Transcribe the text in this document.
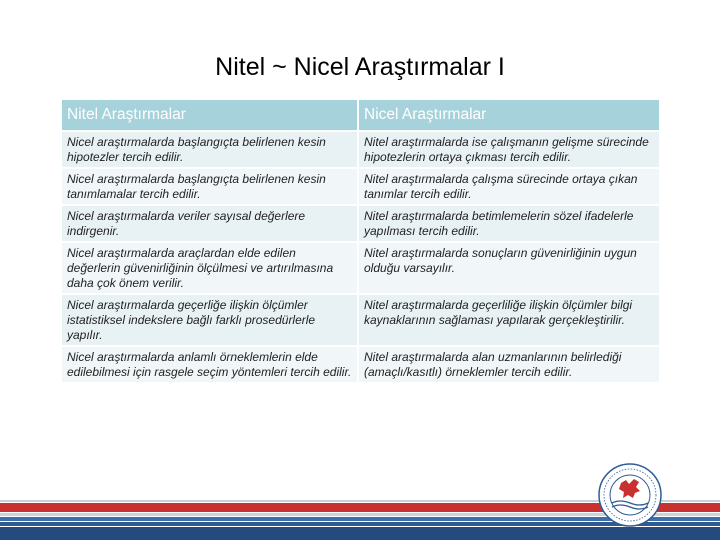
Nitel ~ Nicel Araştırmalar I
Nitel Araştırmalar	Nicel Araştırmalar
Nicel araştırmalarda başlangıçta belirlenen kesin hipotezler tercih edilir.	Nitel araştırmalarda ise çalışmanın gelişme sürecinde hipotezlerin ortaya çıkması tercih edilir.
Nicel araştırmalarda başlangıçta belirlenen kesin tanımlamalar tercih edilir.	Nitel araştırmalarda çalışma sürecinde ortaya çıkan tanımlar tercih edilir.
Nicel araştırmalarda veriler sayısal değerlere indirgenir.	Nitel araştırmalarda betimlemelerin sözel ifadelerle yapılması tercih edilir.
Nicel araştırmalarda araçlardan elde edilen değerlerin güvenirliğinin ölçülmesi ve artırılmasına daha çok önem verilir.	Nitel araştırmalarda sonuçların güvenirliğinin uygun olduğu varsayılır.
Nicel araştırmalarda geçerliğe ilişkin ölçümler istatistiksel indekslere bağlı farklı prosedürlerle yapılır.	Nitel araştırmalarda geçerliliğe ilişkin ölçümler bilgi kaynaklarının sağlaması yapılarak gerçekleştirilir.
Nicel araştırmalarda anlamlı örneklemlerin elde edilebilmesi için rasgele seçim yöntemleri tercih edilir.	Nitel araştırmalarda alan uzmanlarının belirlediği (amaçlı/kasıtlı) örneklemler tercih edilir.
